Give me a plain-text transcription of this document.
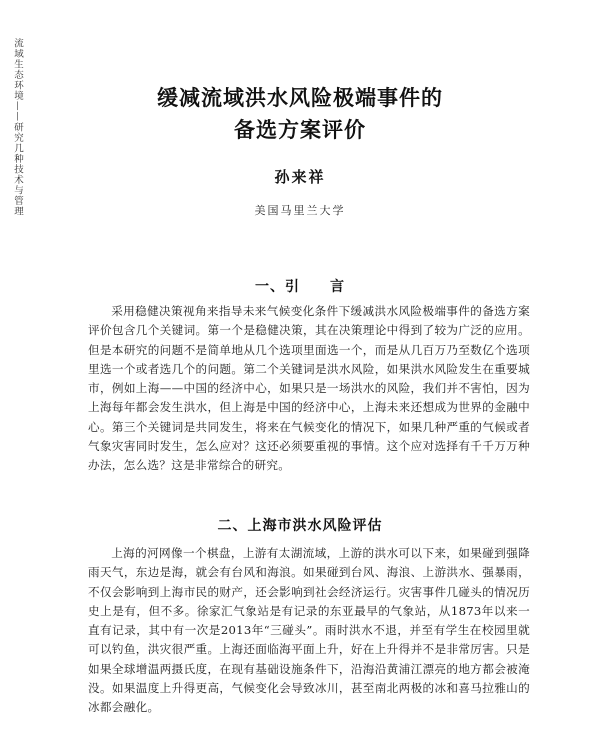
流域生态环境——研究几种技术与管理
缓减流域洪水风险极端事件的
备选方案评价
孙来祥
美国马里兰大学
一、引　　言

采用稳健决策视角来指导未来气候变化条件下缓减洪水风险极端事件的备选方案评价包含几个关键词。第一个是稳健决策，其在决策理论中得到了较为广泛的应用。但是本研究的问题不是简单地从几个选项里面选一个，而是从几百万乃至数亿个选项里选一个或者选几个的问题。第二个关键词是洪水风险，如果洪水风险发生在重要城市，例如上海——中国的经济中心，如果只是一场洪水的风险，我们并不害怕，因为上海每年都会发生洪水，但上海是中国的经济中心，上海未来还想成为世界的金融中心。第三个关键词是共同发生，将来在气候变化的情况下，如果几种严重的气候或者气象灾害同时发生，怎么应对？这还必须要重视的事情。这个应对选择有千千万万种办法，怎么选？这是非常综合的研究。

二、上海市洪水风险评估

上海的河网像一个棋盘，上游有太湖流域，上游的洪水可以下来，如果碰到强降雨天气，东边是海，就会有台风和海浪。如果碰到台风、海浪、上游洪水、强暴雨，不仅会影响到上海市民的财产，还会影响到社会经济运行。灾害事件几碰头的情况历史上是有，但不多。徐家汇气象站是有记录的东亚最早的气象站，从1873年以来一直有记录，其中有一次是2013年“三碰头”。雨时洪水不退，并至有学生在校园里就可以钓鱼，洪灾很严重。上海还面临海平面上升，好在上升得并不是非常厉害。只是如果全球增温两摄氏度，在现有基础设施条件下，沿海沿黄浦江漂亮的地方都会被淹没。如果温度上升得更高，气候变化会导致冰川，甚至南北两极的冰和喜马拉雅山的冰都会融化。
